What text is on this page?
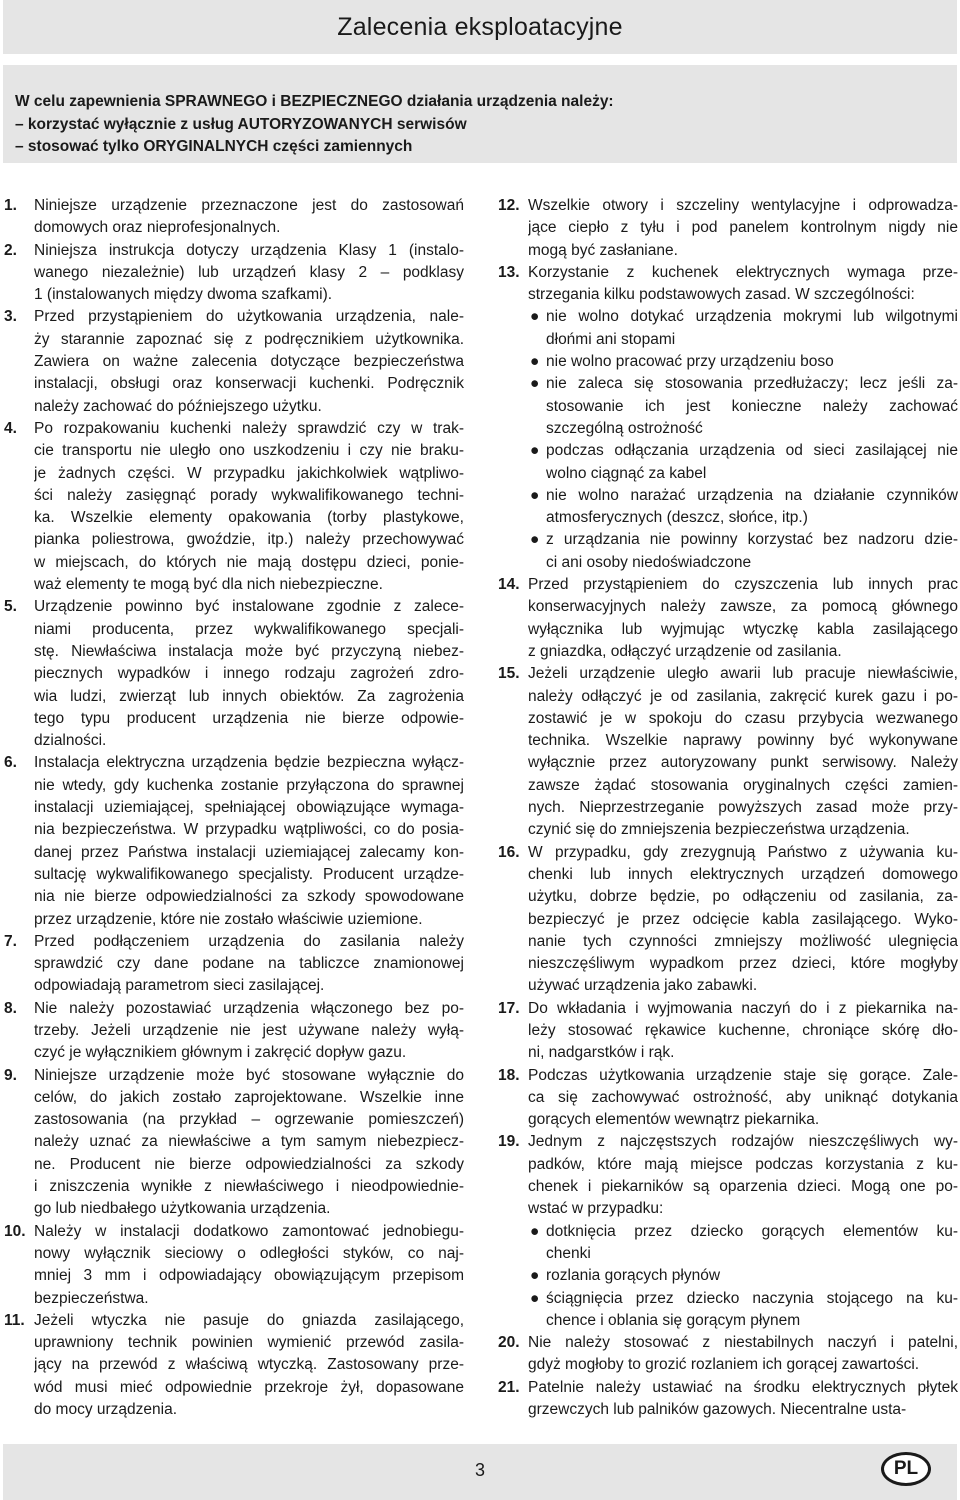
Zalecenia eksploatacyjne
W celu zapewnienia SPRAWNEGO i BEZPIECZNEGO działania urządzenia należy:
– korzystać wyłącznie z usług AUTORYZOWANYCH serwisów
– stosować tylko ORYGINALNYCH części zamiennych
1. Niniejsze urządzenie przeznaczone jest do zastosowań
domowych oraz nieprofesjonalnych.
2. Niniejsza instrukcja dotyczy urządzenia Klasy 1 (instalo-
wanego niezależnie) lub urządzeń klasy 2 – podklasy
1 (instalowanych między dwoma szafkami).
3. Przed przystąpieniem do użytkowania urządzenia, nale-
ży starannie zapoznać się z podręcznikiem użytkownika.
Zawiera on ważne zalecenia dotyczące bezpieczeństwa
instalacji, obsługi oraz konserwacji kuchenki. Podręcznik
należy zachować do późniejszego użytku.
4. Po rozpakowaniu kuchenki należy sprawdzić czy w trak-
cie transportu nie uległo ono uszkodzeniu i czy nie braku-
je żadnych części. W przypadku jakichkolwiek wątpliwo-
ści należy zasięgnąć porady wykwalifikowanego techni-
ka. Wszelkie elementy opakowania (torby plastykowe,
pianka poliestrowa, gwoździe, itp.) należy przechowywać
w miejscach, do których nie mają dostępu dzieci, ponie-
waż elementy te mogą być dla nich niebezpieczne.
5. Urządzenie powinno być instalowane zgodnie z zalece-
niami producenta, przez wykwalifikowanego specjali-
stę. Niewłaściwa instalacja może być przyczyną niebez-
piecznych wypadków i innego rodzaju zagrożeń zdro-
wia ludzi, zwierząt lub innych obiektów. Za zagrożenia
tego typu producent urządzenia nie bierze odpowie-
dzialności.
6. Instalacja elektryczna urządzenia będzie bezpieczna wyłącz-
nie wtedy, gdy kuchenka zostanie przyłączona do sprawnej
instalacji uziemiającej, spełniającej obowiązujące wymaga-
nia bezpieczeństwa. W przypadku wątpliwości, co do posia-
danej przez Państwa instalacji uziemiającej zalecamy kon-
sultację wykwalifikowanego specjalisty. Producent urządze-
nia nie bierze odpowiedzialności za szkody spowodowane
przez urządzenie, które nie zostało właściwie uziemione.
7. Przed podłączeniem urządzenia do zasilania należy
sprawdzić czy dane podane na tabliczce znamionowej
odpowiadają parametrom sieci zasilającej.
8. Nie należy pozostawiać urządzenia włączonego bez po-
trzeby. Jeżeli urządzenie nie jest używane należy wyłą-
czyć je wyłącznikiem głównym i zakręcić dopływ gazu.
9. Niniejsze urządzenie może być stosowane wyłącznie do
celów, do jakich zostało zaprojektowane. Wszelkie inne
zastosowania (na przykład – ogrzewanie pomieszczeń)
należy uznać za niewłaściwe a tym samym niebezpiecz-
ne. Producent nie bierze odpowiedzialności za szkody
i zniszczenia wynikłe z niewłaściwego i nieodpowiednie-
go lub niedbałego użytkowania urządzenia.
10. Należy w instalacji dodatkowo zamontować jednobiegu-
nowy wyłącznik sieciowy o odległości styków, co naj-
mniej 3 mm i odpowiadający obowiązującym przepisom
bezpieczeństwa.
11. Jeżeli wtyczka nie pasuje do gniazda zasilającego,
uprawniony technik powinien wymienić przewód zasila-
jący na przewód z właściwą wtyczką. Zastosowany prze-
wód musi mieć odpowiednie przekroje żył, dopasowane
do mocy urządzenia.
12. Wszelkie otwory i szczeliny wentylacyjne i odprowadza-
jące ciepło z tyłu i pod panelem kontrolnym nigdy nie
mogą być zasłaniane.
13. Korzystanie z kuchenek elektrycznych wymaga prze-
strzegania kilku podstawowych zasad. W szczególności:
● nie wolno dotykać urządzenia mokrymi lub wilgotnymi
dłońmi ani stopami
● nie wolno pracować przy urządzeniu boso
● nie zaleca się stosowania przedłużaczy; lecz jeśli za-
stosowanie ich jest konieczne należy zachować
szczególną ostrożność
● podczas odłączania urządzenia od sieci zasilającej nie
wolno ciągnąć za kabel
● nie wolno narażać urządzenia na działanie czynników
atmosferycznych (deszcz, słońce, itp.)
● z urządzania nie powinny korzystać bez nadzoru dzie-
ci ani osoby niedoświadczone
14. Przed przystąpieniem do czyszczenia lub innych prac
konserwacyjnych należy zawsze, za pomocą głównego
wyłącznika lub wyjmując wtyczkę kabla zasilającego
z gniazdka, odłączyć urządzenie od zasilania.
15. Jeżeli urządzenie uległo awarii lub pracuje niewłaściwie,
należy odłączyć je od zasilania, zakręcić kurek gazu i po-
zostawić je w spokoju do czasu przybycia wezwanego
technika. Wszelkie naprawy powinny być wykonywane
wyłącznie przez autoryzowany punkt serwisowy. Należy
zawsze żądać stosowania oryginalnych części zamien-
nych. Nieprzestrzeganie powyższych zasad może przy-
czynić się do zmniejszenia bezpieczeństwa urządzenia.
16. W przypadku, gdy zrezygnują Państwo z używania ku-
chenki lub innych elektrycznych urządzeń domowego
użytku, dobrze będzie, po odłączeniu od zasilania, za-
bezpieczyć je przez odcięcie kabla zasilającego. Wyko-
nanie tych czynności zmniejszy możliwość ulegnięcia
nieszczęśliwym wypadkom przez dzieci, które mogłyby
używać urządzenia jako zabawki.
17. Do wkładania i wyjmowania naczyń do i z piekarnika na-
leży stosować rękawice kuchenne, chroniące skórę dło-
ni, nadgarstków i rąk.
18. Podczas użytkowania urządzenie staje się gorące. Zale-
ca się zachowywać ostrożność, aby uniknąć dotykania
gorących elementów wewnątrz piekarnika.
19. Jednym z najczęstszych rodzajów nieszczęśliwych wy-
padków, które mają miejsce podczas korzystania z ku-
chenek i piekarników są oparzenia dzieci. Mogą one po-
wstać w przypadku:
● dotknięcia przez dziecko gorących elementów ku-
chenki
● rozlania gorących płynów
● ściągnięcia przez dziecko naczynia stojącego na ku-
chence i oblania się gorącym płynem
20. Nie należy stosować z niestabilnych naczyń i patelni,
gdyż mogłoby to grozić rozlaniem ich gorącej zawartości.
21. Patelnie należy ustawiać na środku elektrycznych płytek
grzewczych lub palników gazowych. Niecentralne usta-
3	PL
